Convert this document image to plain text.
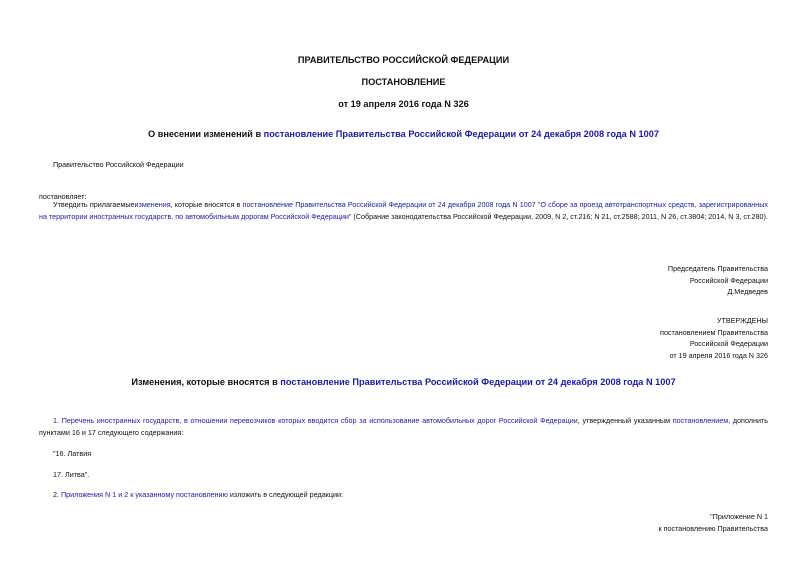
ПРАВИТЕЛЬСТВО РОССИЙСКОЙ ФЕДЕРАЦИИ
ПОСТАНОВЛЕНИЕ
от 19 апреля 2016 года N 326
О внесении изменений в постановление Правительства Российской Федерации от 24 декабря 2008 года N 1007
Правительство Российской Федерации
постановляет:
Утвердить прилагаемыеизменения, которые вносятся в постановление Правительства Российской Федерации от 24 декабря 2008 года N 1007 "О сборе за проезд автотранспортных средств, зарегистрированных на территории иностранных государств, по автомобильным дорогам Российской Федерации" (Собрание законодательства Российской Федерации, 2009, N 2, ст.216; N 21, ст.2588; 2011, N 26, ст.3804; 2014, N 3, ст.280).
Председатель Правительства
Российской Федерации
Д.Медведев
УТВЕРЖДЕНЫ
постановлением Правительства
Российской Федерации
от 19 апреля 2016 года N 326
Изменения, которые вносятся в постановление Правительства Российской Федерации от 24 декабря 2008 года N 1007
1. Перечень иностранных государств, в отношении перевозчиков которых вводится сбор за использование автомобильных дорог Российской Федерации, утвержденный указанным постановлением, дополнить пунктами 16 и 17 следующего содержания:
"16. Латвия
17. Литва".
2. Приложения N 1 и 2 к указанному постановлению изложить в следующей редакции:
"Приложение N 1
к постановлению Правительства
